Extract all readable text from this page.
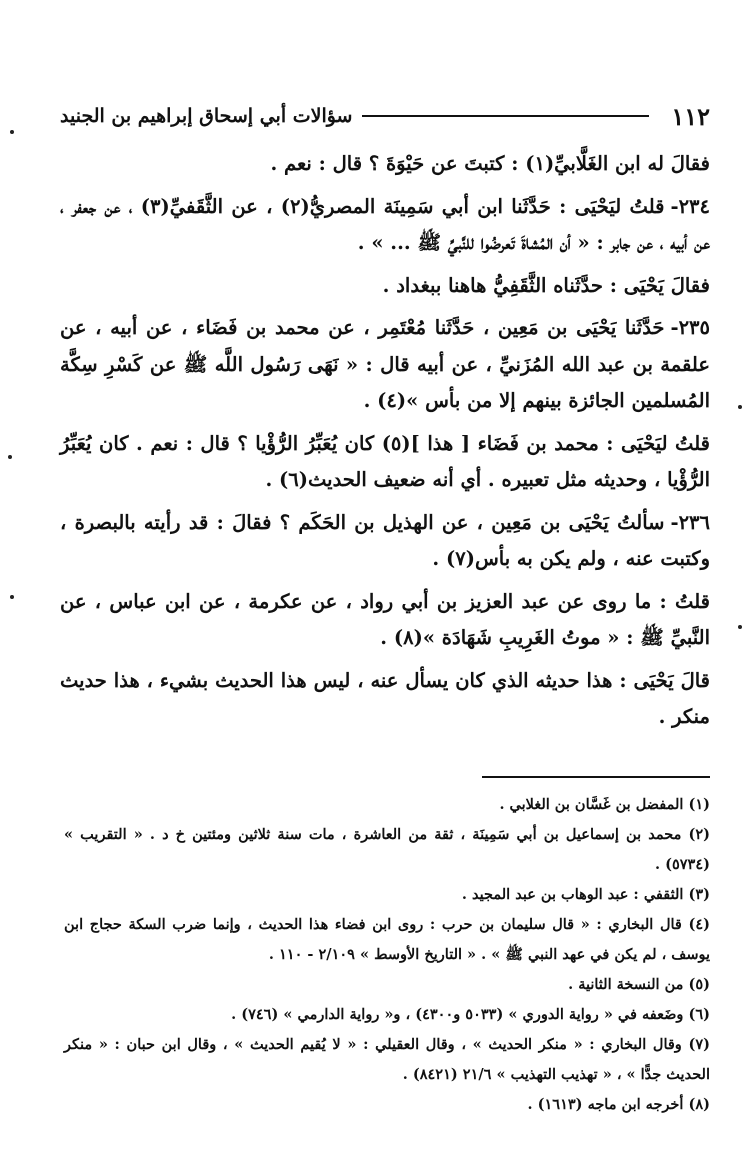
١١٢
سؤالات أبي إسحاق إبراهيم بن الجنيد

فقالَ له ابن الغَلَّابيِّ(١) : كتبتَ عن حَيْوَةَ ؟ قال : نعم .

٢٣٤-قلتُ ليَحْيَى : حَدَّثَنا ابن أبي سَمِينَة المصريُّ(٢) ، عن الثَّقَفيِّ(٣) ، عن جعفر ، عن أبيه ، عن جابر : « أن المُشاةَ تَعرضُوا للنَّبيِّ ﷺ ... » .

فقالَ يَحْيَى : حدَّثَناه الثَّقَفِيُّ هاهنا ببغداد .

٢٣٥-حَدَّثَنا يَحْيَى بن مَعِين ، حَدَّثَنا مُعْتَمِر ، عن محمد بن فَضَاء ، عن أبيه ، عن علقمة بن عبد الله المُزَنيِّ ، عن أبيه قال : « نَهَى رَسُول اللَّه ﷺ عن كَسْرِ سِكَّة المُسلمين الجائزة بينهم إلا من بأس »(٤) .

قلتُ ليَحْيَى : محمد بن فَضَاء [ هذا ](٥) كان يُعَبِّرُ الرُّؤْيا ؟ قال : نعم . كان يُعَبِّرُ الرُّؤْيا ، وحديثه مثل تعبيره . أي أنه ضعيف الحديث(٦) .

٢٣٦-سألتُ يَحْيَى بن مَعِين ، عن الهذيل بن الحَكَم ؟ فقالَ : قد رأيته بالبصرة ، وكتبت عنه ، ولم يكن به بأس(٧) .

قلتُ : ما روى عن عبد العزيز بن أبي رواد ، عن عكرمة ، عن ابن عباس ، عن النَّبيِّ ﷺ : « موتُ الغَرِيبِ شَهَادَة »(٨) .

قالَ يَحْيَى : هذا حديثه الذي كان يسأل عنه ، ليس هذا الحديث بشيء ، هذا حديث منكر .

(١) المفضل بن غَسَّان بن الغلابي .

(٢) محمد بن إسماعيل بن أبي سَمِينَة ، ثقة من العاشرة ، مات سنة ثلاثين ومئتين خ د . « التقريب » (٥٧٣٤) .

(٣) الثقفي : عبد الوهاب بن عبد المجيد .

(٤) قال البخاري : « قال سليمان بن حرب : روى ابن فضاء هذا الحديث ، وإنما ضرب السكة حجاج ابن يوسف ، لم يكن في عهد النبي ﷺ » . « التاريخ الأوسط » ٢/١٠٩ - ١١٠ .

(٥) من النسخة الثانية .

(٦) وضَعفه في « رواية الدوري » (٥٠٣٣ و٤٣٠٠) ، و« رواية الدارمي » (٧٤٦) .

(٧) وقال البخاري : « منكر الحديث » ، وقال العقيلي : « لا يُقيم الحديث » ، وقال ابن حبان : « منكر الحديث جدًّا » ، « تهذيب التهذيب » ٢١/٦ (٨٤٢١) .

(٨) أخرجه ابن ماجه (١٦١٣) .
